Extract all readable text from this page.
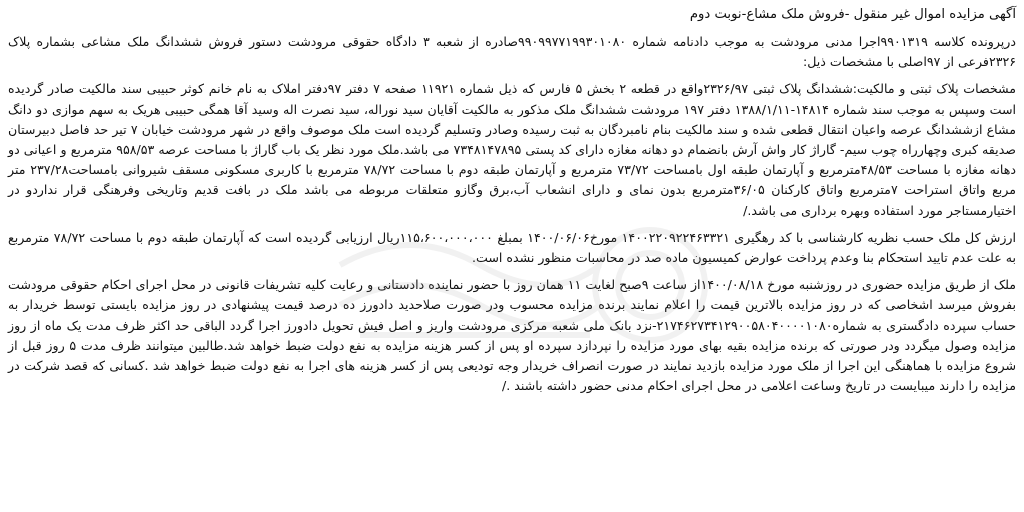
آگهی مزایده اموال غیر منقول -فروش ملک مشاع-نوبت دوم

درپرونده کلاسه ۹۹۰۱۳۱۹اجرا مدنی مرودشت به موجب دادنامه شماره ۹۹۰۹۹۷۷۱۹۹۳۰۱۰۸۰صادره از شعبه ۳ دادگاه حقوقی مرودشت دستور فروش ششدانگ ملک مشاعی بشماره پلاک ۲۳۲۶فرعی از ۹۷اصلی با مشخصات ذیل:

مشخصات پلاک ثبتی و مالکیت:ششدانگ پلاک ثبتی ۲۳۲۶/۹۷واقع در قطعه ۲ بخش ۵ فارس که ذیل شماره ۱۱۹۲۱ صفحه ۷ دفتر ۹۷دفتر املاک به نام خانم کوثر حبیبی سند مالکیت صادر گردیده است وسپس به موجب سند شماره ۱۴۸۱۴-۱۳۸۸/۱/۱۱ دفتر ۱۹۷ مرودشت ششدانگ ملک مذکور به مالکیت آقایان سید نوراله، سید نصرت اله وسید آقا همگی حبیبی هریک به سهم موازی دو دانگ مشاع ازششدانگ عرصه واعیان انتقال قطعی شده و سند مالکیت بنام نامبردگان به ثبت رسیده وصادر وتسلیم گردیده است ملک موصوف واقع در شهر مرودشت خیابان ۷ تیر حد فاصل دبیرستان صدیقه کبری وچهارراه چوب سیم- گاراژ کار واش آرش بانضمام دو دهانه مغازه دارای کد پستی ۷۳۴۸۱۴۷۸۹۵ می باشد.ملک مورد نظر یک باب گاراژ با مساحت عرصه ۹۵۸/۵۳ مترمربع و اعیانی دو دهانه مغازه با مساحت ۴۸/۵۳مترمربع و آپارتمان طبقه اول بامساحت ۷۳/۷۲ مترمربع و آپارتمان طبقه دوم با مساحت ۷۸/۷۲ مترمربع با کاربری مسکونی مسقف شیروانی بامساحت۲۳۷/۲۸ متر مربع واتاق استراحت ۷مترمربع واتاق کارکنان ۳۶/۰۵مترمربع بدون نمای و دارای انشعاب آب،برق وگازو متعلقات مربوطه می باشد ملک در بافت قدیم وتاریخی وفرهنگی قرار نداردو در اختیارمستاجر مورد استفاده وبهره برداری می باشد./

ارزش کل ملک حسب نظریه کارشناسی با کد رهگیری ۱۴۰۰۲۲۰۹۲۲۴۶۳۳۲۱ مورخ۱۴۰۰/۰۶/۰۶ بمبلغ ۱۱۵،۶۰۰،۰۰۰،۰۰۰ریال ارزیابی گردیده است که آپارتمان طبقه دوم با مساحت ۷۸/۷۲ مترمربع به علت عدم تایید استحکام بنا وعدم پرداخت عوارض کمیسیون ماده صد در محاسبات منظور نشده است.

ملک از طریق مزایده حضوری در روزشنبه مورخ ۱۴۰۰/۰۸/۱۸از ساعت ۹صبح لغایت ۱۱ همان روز با حضور نماینده دادستانی و رعایت کلیه تشریفات قانونی در محل اجرای احکام حقوقی مرودشت بفروش میرسد اشخاصی که در روز مزایده بالاترین قیمت را اعلام نمایند برنده مزایده محسوب ودر صورت صلاحدید دادورز ده درصد قیمت پیشنهادی در روز مزایده بایستی توسط خریدار به حساب سپرده دادگستری به شماره۲۱۷۴۶۲۷۳۴۱۲۹۰۰۵۸۰۴۰۰۰۰۱۰۸۰-نزد بانک ملی شعبه مرکزی مرودشت واریز و اصل فیش تحویل دادورز اجرا گردد الباقی حد اکثر ظرف مدت یک ماه از روز مزایده وصول میگردد ودر صورتی که برنده مزایده بقیه بهای مورد مزایده را نپردازد سپرده او پس از کسر هزینه مزایده به نفع دولت ضبط خواهد شد.طالبین میتوانند ظرف مدت ۵ روز قبل از شروع مزایده با هماهنگی این اجرا از ملک مورد مزایده بازدید نمایند در صورت انصراف خریدار وجه تودیعی پس از کسر هزینه های اجرا به نفع دولت ضبط خواهد شد .کسانی که قصد شرکت در مزایده را دارند میبایست در تاریخ وساعت اعلامی در محل اجرای احکام مدنی حضور داشته باشند ./
